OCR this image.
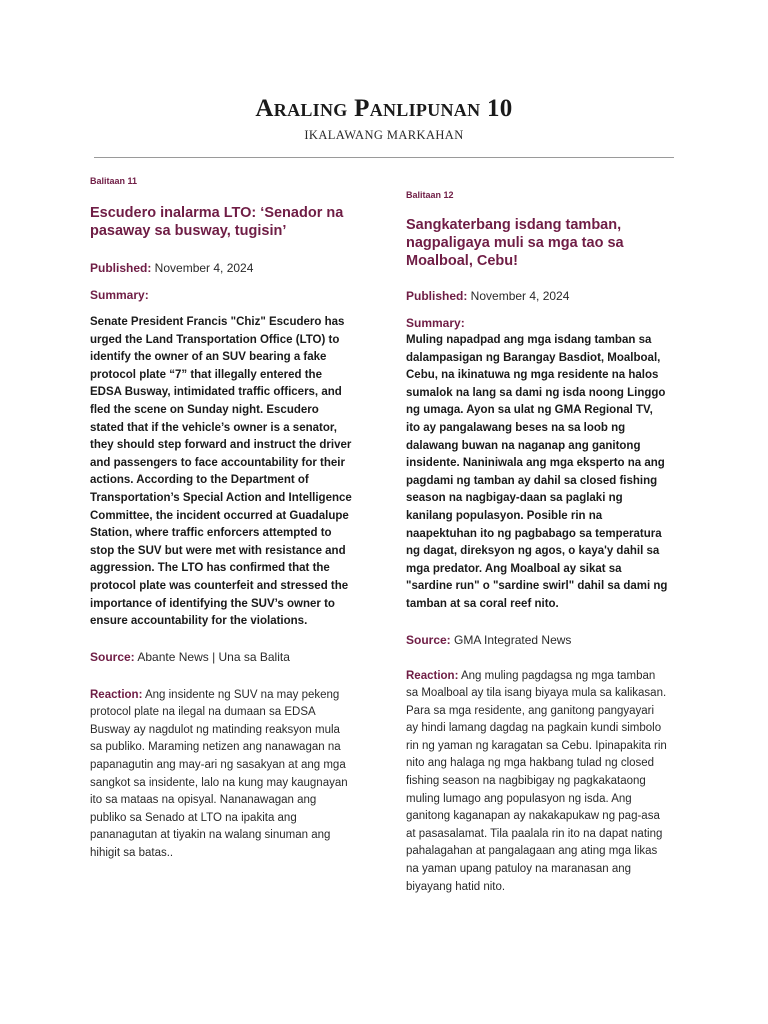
Araling Panlipunan 10
IKALAWANG MARKAHAN
Balitaan 11
Escudero inalarma LTO: ‘Senador na pasaway sa busway, tugisin’
Published: November 4, 2024
Summary:
Senate President Francis "Chiz" Escudero has urged the Land Transportation Office (LTO) to identify the owner of an SUV bearing a fake protocol plate “7” that illegally entered the EDSA Busway, intimidated traffic officers, and fled the scene on Sunday night. Escudero stated that if the vehicle’s owner is a senator, they should step forward and instruct the driver and passengers to face accountability for their actions. According to the Department of Transportation’s Special Action and Intelligence Committee, the incident occurred at Guadalupe Station, where traffic enforcers attempted to stop the SUV but were met with resistance and aggression. The LTO has confirmed that the protocol plate was counterfeit and stressed the importance of identifying the SUV’s owner to ensure accountability for the violations.
Source: Abante News | Una sa Balita
Reaction: Ang insidente ng SUV na may pekeng protocol plate na ilegal na dumaan sa EDSA Busway ay nagdulot ng matinding reaksyon mula sa publiko. Maraming netizen ang nanawagan na papanagutin ang may-ari ng sasakyan at ang mga sangkot sa insidente, lalo na kung may kaugnayan ito sa mataas na opisyal. Nananawagan ang publiko sa Senado at LTO na ipakita ang pananagutan at tiyakin na walang sinuman ang hihigit sa batas..
Balitaan 12
Sangkaterbang isdang tamban, nagpaligaya muli sa mga tao sa Moalboal, Cebu!
Published: November 4, 2024
Summary:
Muling napadpad ang mga isdang tamban sa dalampasigan ng Barangay Basdiot, Moalboal, Cebu, na ikinatuwa ng mga residente na halos sumalok na lang sa dami ng isda noong Linggo ng umaga. Ayon sa ulat ng GMA Regional TV, ito ay pangalawang beses na sa loob ng dalawang buwan na naganap ang ganitong insidente. Naniniwala ang mga eksperto na ang pagdami ng tamban ay dahil sa closed fishing season na nagbigay-daan sa paglaki ng kanilang populasyon. Posible rin na naapektuhan ito ng pagbabago sa temperatura ng dagat, direksyon ng agos, o kaya'y dahil sa mga predator. Ang Moalboal ay sikat sa "sardine run" o "sardine swirl" dahil sa dami ng tamban at sa coral reef nito.
Source: GMA Integrated News
Reaction: Ang muling pagdagsa ng mga tamban sa Moalboal ay tila isang biyaya mula sa kalikasan. Para sa mga residente, ang ganitong pangyayari ay hindi lamang dagdag na pagkain kundi simbolo rin ng yaman ng karagatan sa Cebu. Ipinapakita rin nito ang halaga ng mga hakbang tulad ng closed fishing season na nagbibigay ng pagkakataong muling lumago ang populasyon ng isda. Ang ganitong kaganapan ay nakakapukaw ng pag-asa at pasasalamat. Tila paalala rin ito na dapat nating pahalagahan at pangalagaan ang ating mga likas na yaman upang patuloy na maranasan ang biyayang hatid nito.
